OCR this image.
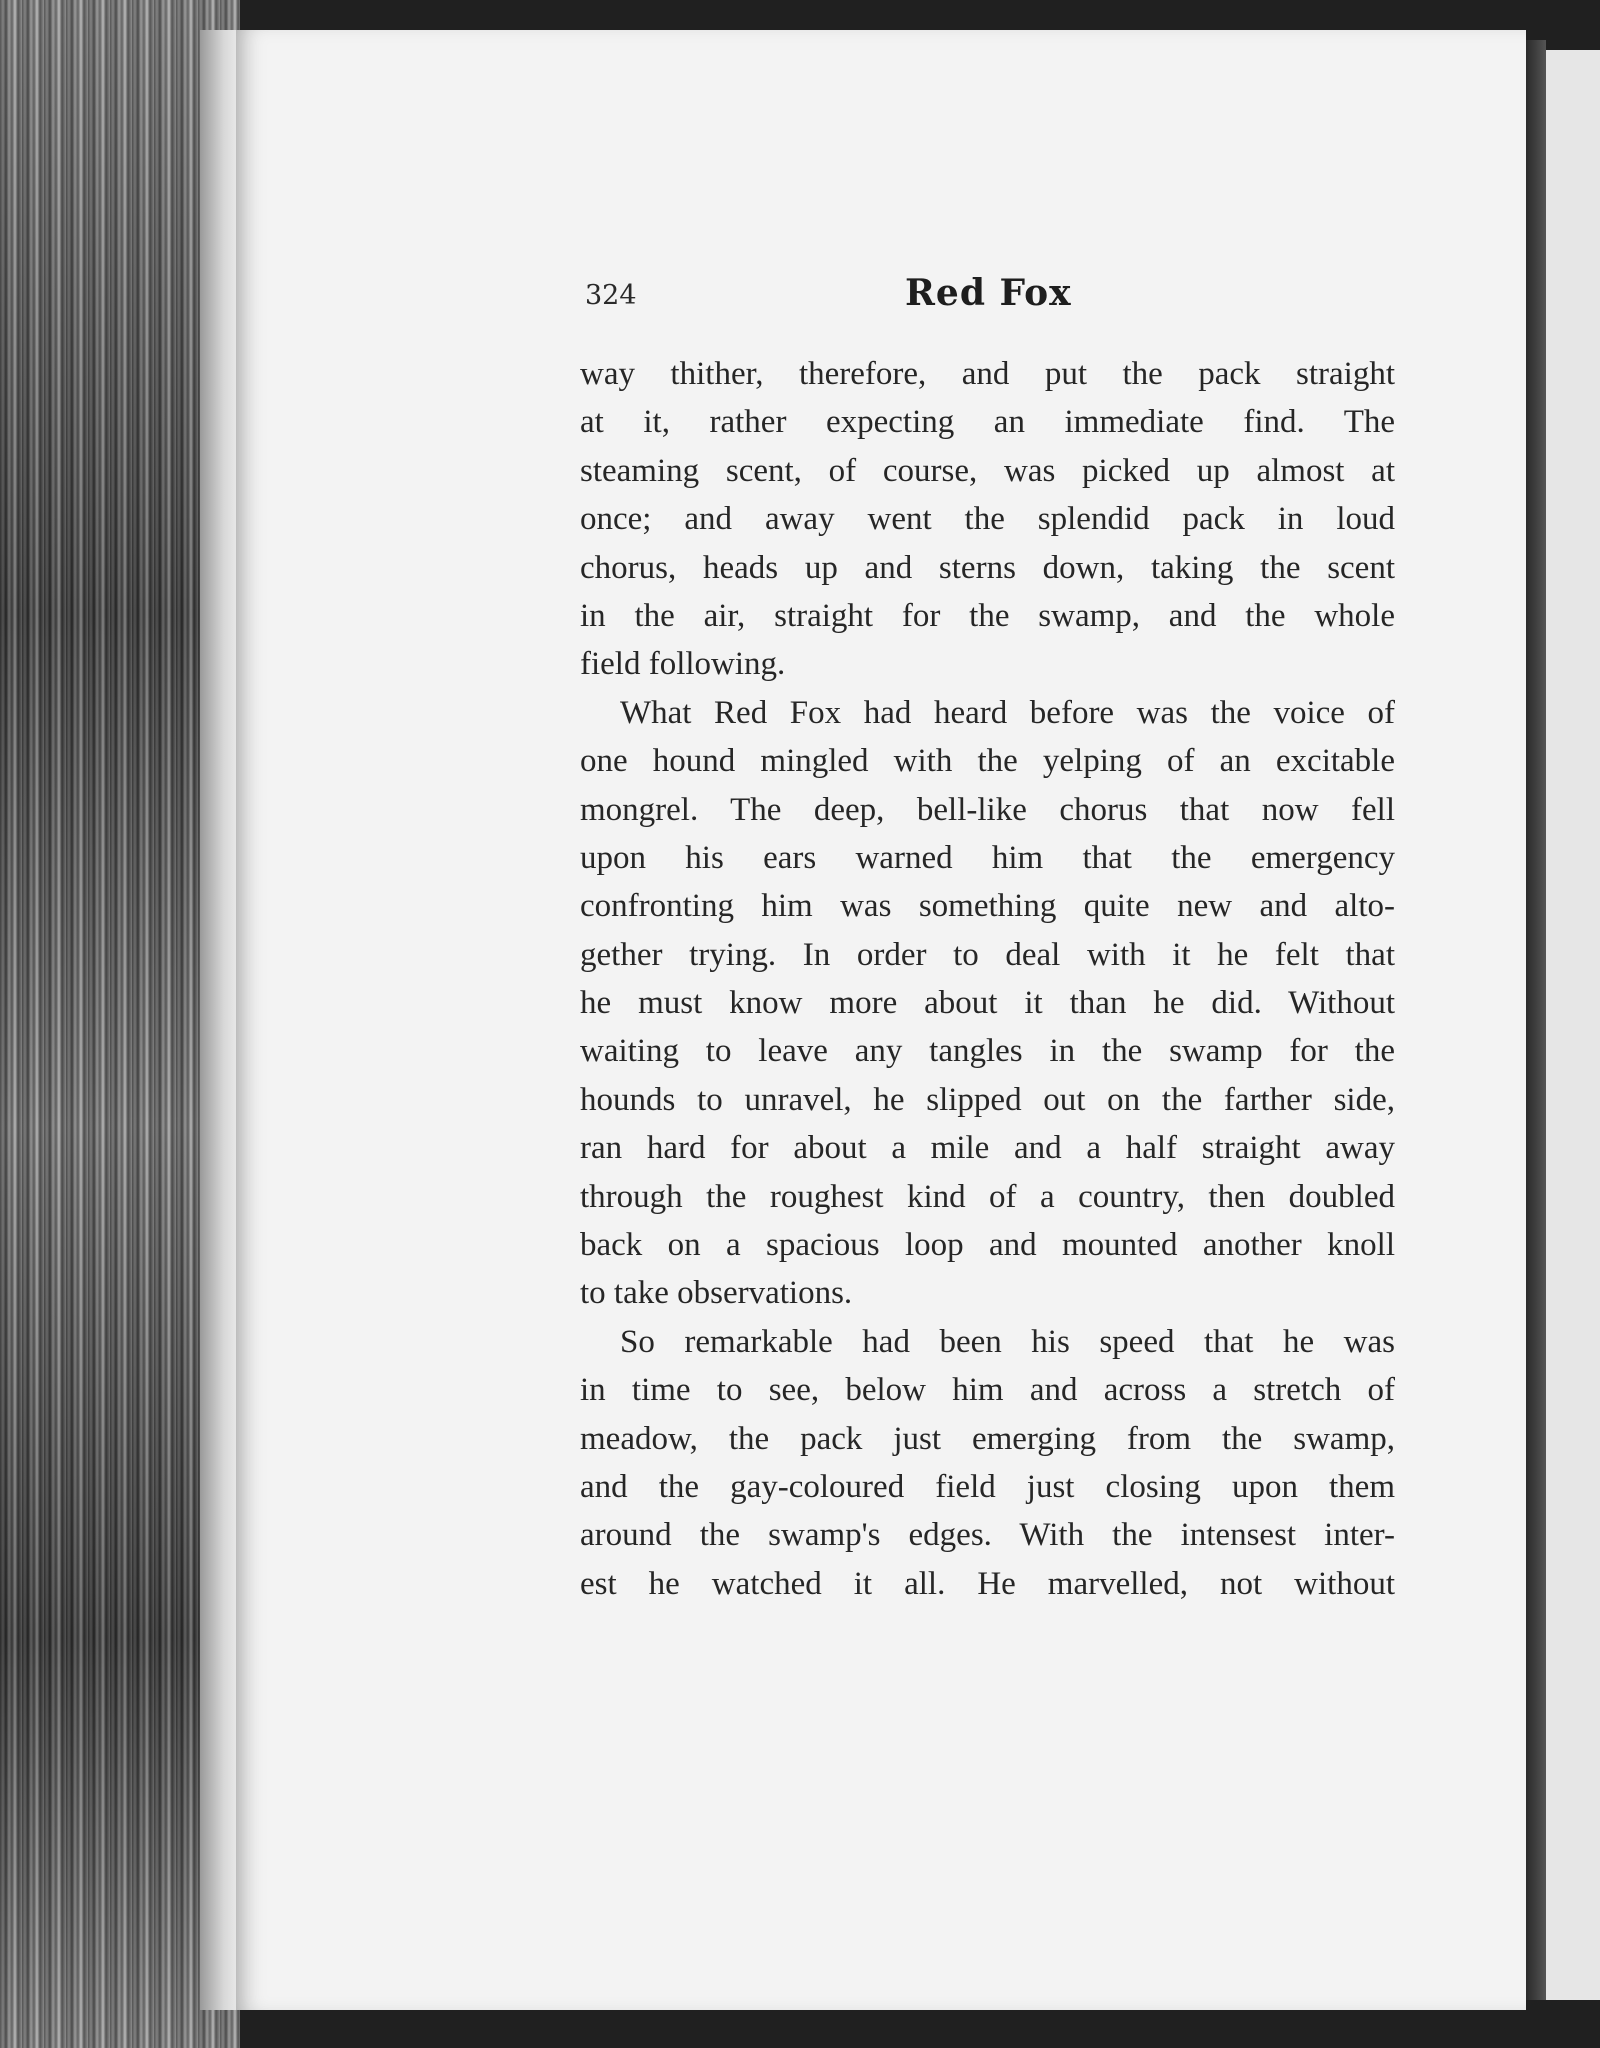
324	Red Fox
way thither, therefore, and put the pack straight
at it, rather expecting an immediate find. The
steaming scent, of course, was picked up almost at
once; and away went the splendid pack in loud
chorus, heads up and sterns down, taking the scent
in the air, straight for the swamp, and the whole
field following.
What Red Fox had heard before was the voice of
one hound mingled with the yelping of an excitable
mongrel. The deep, bell-like chorus that now fell
upon his ears warned him that the emergency
confronting him was something quite new and alto-
gether trying. In order to deal with it he felt that
he must know more about it than he did. Without
waiting to leave any tangles in the swamp for the
hounds to unravel, he slipped out on the farther side,
ran hard for about a mile and a half straight away
through the roughest kind of a country, then doubled
back on a spacious loop and mounted another knoll
to take observations.
So remarkable had been his speed that he was
in time to see, below him and across a stretch of
meadow, the pack just emerging from the swamp,
and the gay-coloured field just closing upon them
around the swamp's edges. With the intensest inter-
est he watched it all. He marvelled, not without
